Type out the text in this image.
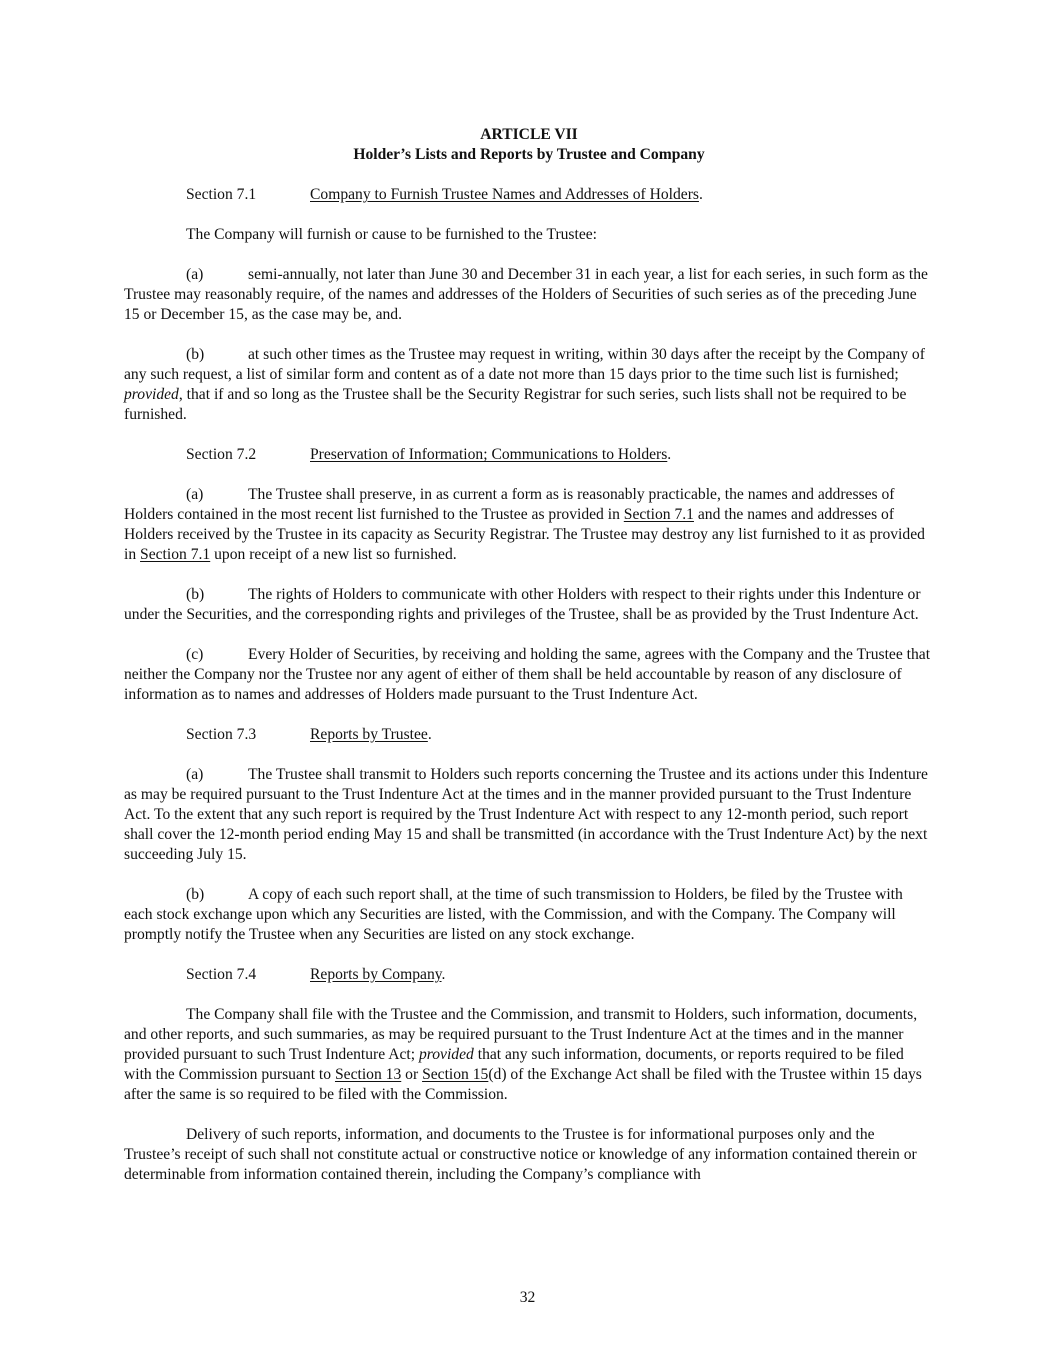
ARTICLE VII
Holder’s Lists and Reports by Trustee and Company

Section 7.1	Company to Furnish Trustee Names and Addresses of Holders.

The Company will furnish or cause to be furnished to the Trustee:

(a)	semi-annually, not later than June 30 and December 31 in each year, a list for each series, in such form as the Trustee may reasonably require, of the names and addresses of the Holders of Securities of such series as of the preceding June 15 or December 15, as the case may be, and.

(b)	at such other times as the Trustee may request in writing, within 30 days after the receipt by the Company of any such request, a list of similar form and content as of a date not more than 15 days prior to the time such list is furnished; provided, that if and so long as the Trustee shall be the Security Registrar for such series, such lists shall not be required to be furnished.

Section 7.2	Preservation of Information; Communications to Holders.

(a)	The Trustee shall preserve, in as current a form as is reasonably practicable, the names and addresses of Holders contained in the most recent list furnished to the Trustee as provided in Section 7.1 and the names and addresses of Holders received by the Trustee in its capacity as Security Registrar. The Trustee may destroy any list furnished to it as provided in Section 7.1 upon receipt of a new list so furnished.

(b)	The rights of Holders to communicate with other Holders with respect to their rights under this Indenture or under the Securities, and the corresponding rights and privileges of the Trustee, shall be as provided by the Trust Indenture Act.

(c)	Every Holder of Securities, by receiving and holding the same, agrees with the Company and the Trustee that neither the Company nor the Trustee nor any agent of either of them shall be held accountable by reason of any disclosure of information as to names and addresses of Holders made pursuant to the Trust Indenture Act.

Section 7.3	Reports by Trustee.

(a)	The Trustee shall transmit to Holders such reports concerning the Trustee and its actions under this Indenture as may be required pursuant to the Trust Indenture Act at the times and in the manner provided pursuant to the Trust Indenture Act. To the extent that any such report is required by the Trust Indenture Act with respect to any 12-month period, such report shall cover the 12-month period ending May 15 and shall be transmitted (in accordance with the Trust Indenture Act) by the next succeeding July 15.

(b)	A copy of each such report shall, at the time of such transmission to Holders, be filed by the Trustee with each stock exchange upon which any Securities are listed, with the Commission, and with the Company. The Company will promptly notify the Trustee when any Securities are listed on any stock exchange.

Section 7.4	Reports by Company.

The Company shall file with the Trustee and the Commission, and transmit to Holders, such information, documents, and other reports, and such summaries, as may be required pursuant to the Trust Indenture Act at the times and in the manner provided pursuant to such Trust Indenture Act; provided that any such information, documents, or reports required to be filed with the Commission pursuant to Section 13 or Section 15(d) of the Exchange Act shall be filed with the Trustee within 15 days after the same is so required to be filed with the Commission.

Delivery of such reports, information, and documents to the Trustee is for informational purposes only and the Trustee’s receipt of such shall not constitute actual or constructive notice or knowledge of any information contained therein or determinable from information contained therein, including the Company’s compliance with

32
